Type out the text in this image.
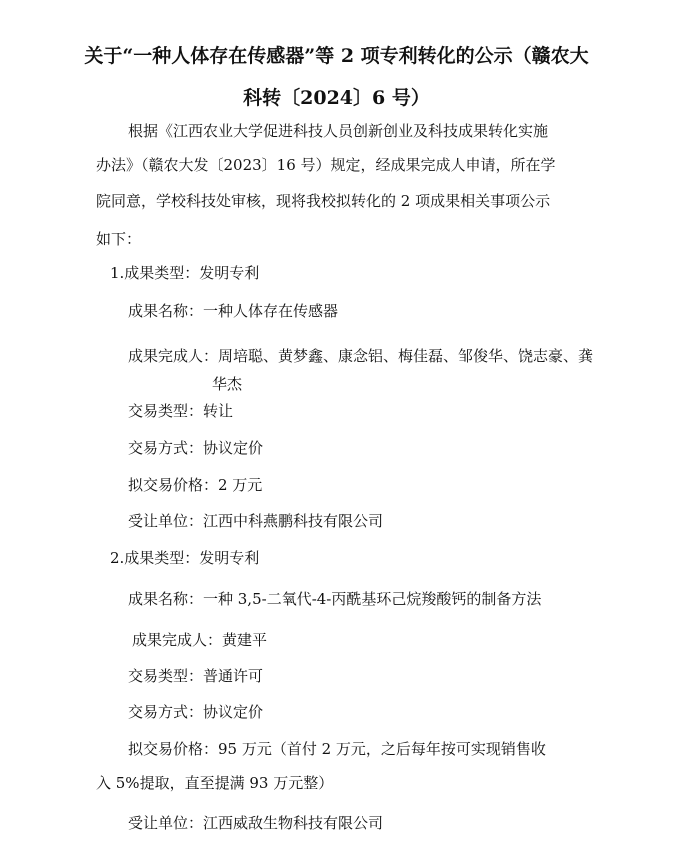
关于“一种人体存在传感器”等 2 项专利转化的公示（赣农大
科转〔2024〕6 号）
根据《江西农业大学促进科技人员创新创业及科技成果转化实施
办法》（赣农大发〔2023〕16 号）规定，经成果完成人申请，所在学
院同意，学校科技处审核，现将我校拟转化的 2 项成果相关事项公示
如下：
1.成果类型：发明专利
成果名称：一种人体存在传感器
成果完成人：周培聪、黄梦鑫、康念铝、梅佳磊、邹俊华、饶志豪、龚
华杰
交易类型：转让
交易方式：协议定价
拟交易价格：2 万元
受让单位：江西中科燕鹏科技有限公司
2.成果类型：发明专利
成果名称：一种 3,5-二氧代-4-丙酰基环己烷羧酸钙的制备方法
成果完成人：黄建平
交易类型：普通许可
交易方式：协议定价
拟交易价格：95 万元（首付 2 万元，之后每年按可实现销售收
入 5%提取，直至提满 93 万元整）
受让单位：江西威敌生物科技有限公司
